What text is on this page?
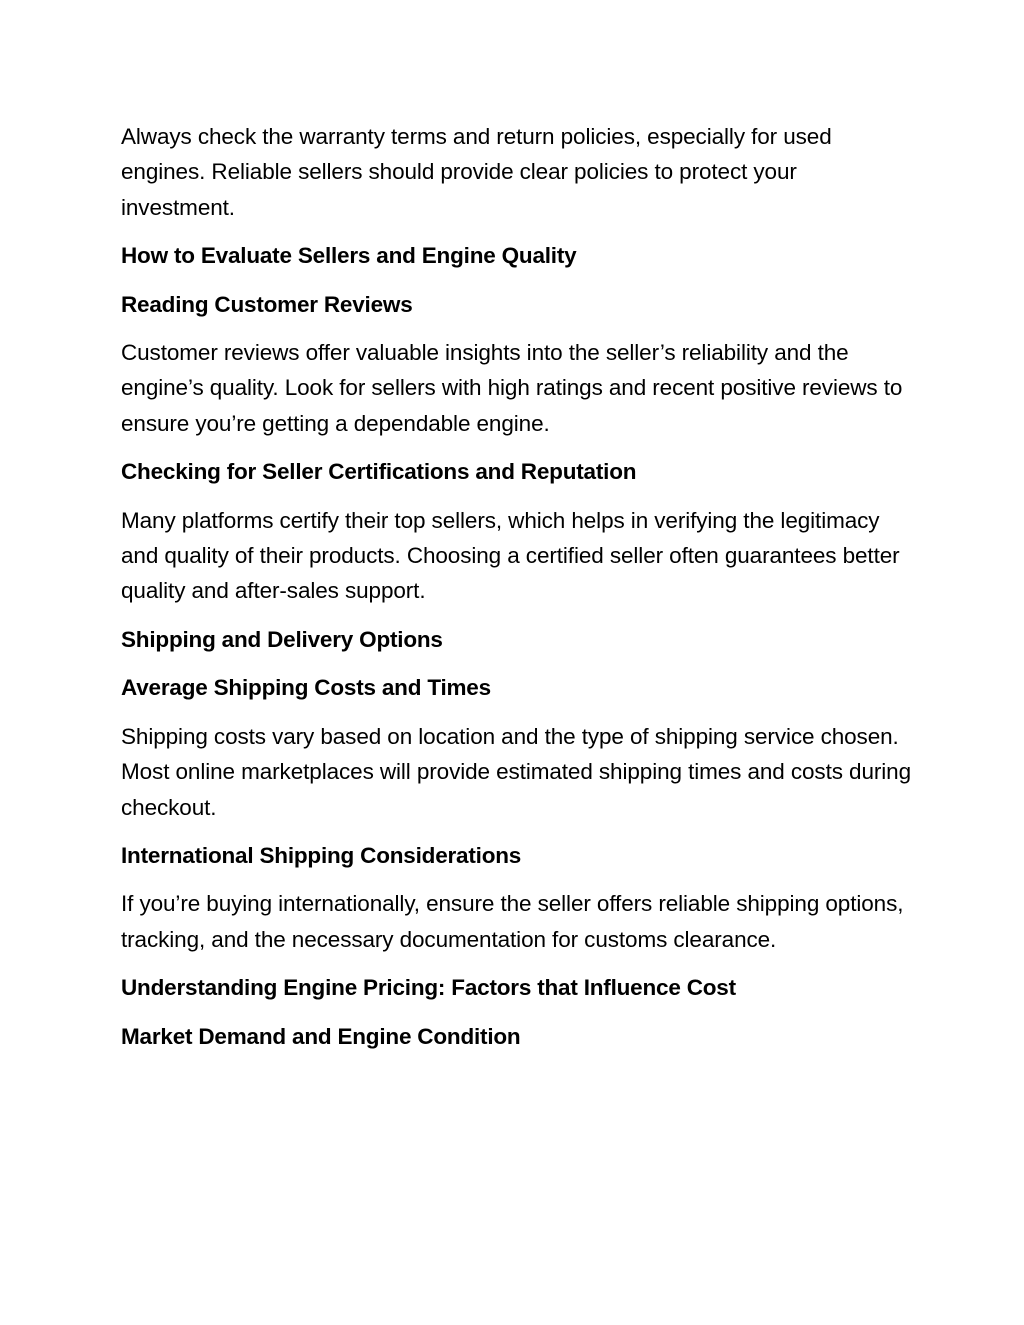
Always check the warranty terms and return policies, especially for used engines. Reliable sellers should provide clear policies to protect your investment.

How to Evaluate Sellers and Engine Quality

Reading Customer Reviews

Customer reviews offer valuable insights into the seller’s reliability and the engine’s quality. Look for sellers with high ratings and recent positive reviews to ensure you’re getting a dependable engine.

Checking for Seller Certifications and Reputation

Many platforms certify their top sellers, which helps in verifying the legitimacy and quality of their products. Choosing a certified seller often guarantees better quality and after-sales support.

Shipping and Delivery Options

Average Shipping Costs and Times

Shipping costs vary based on location and the type of shipping service chosen. Most online marketplaces will provide estimated shipping times and costs during checkout.

International Shipping Considerations

If you’re buying internationally, ensure the seller offers reliable shipping options, tracking, and the necessary documentation for customs clearance.

Understanding Engine Pricing: Factors that Influence Cost

Market Demand and Engine Condition
